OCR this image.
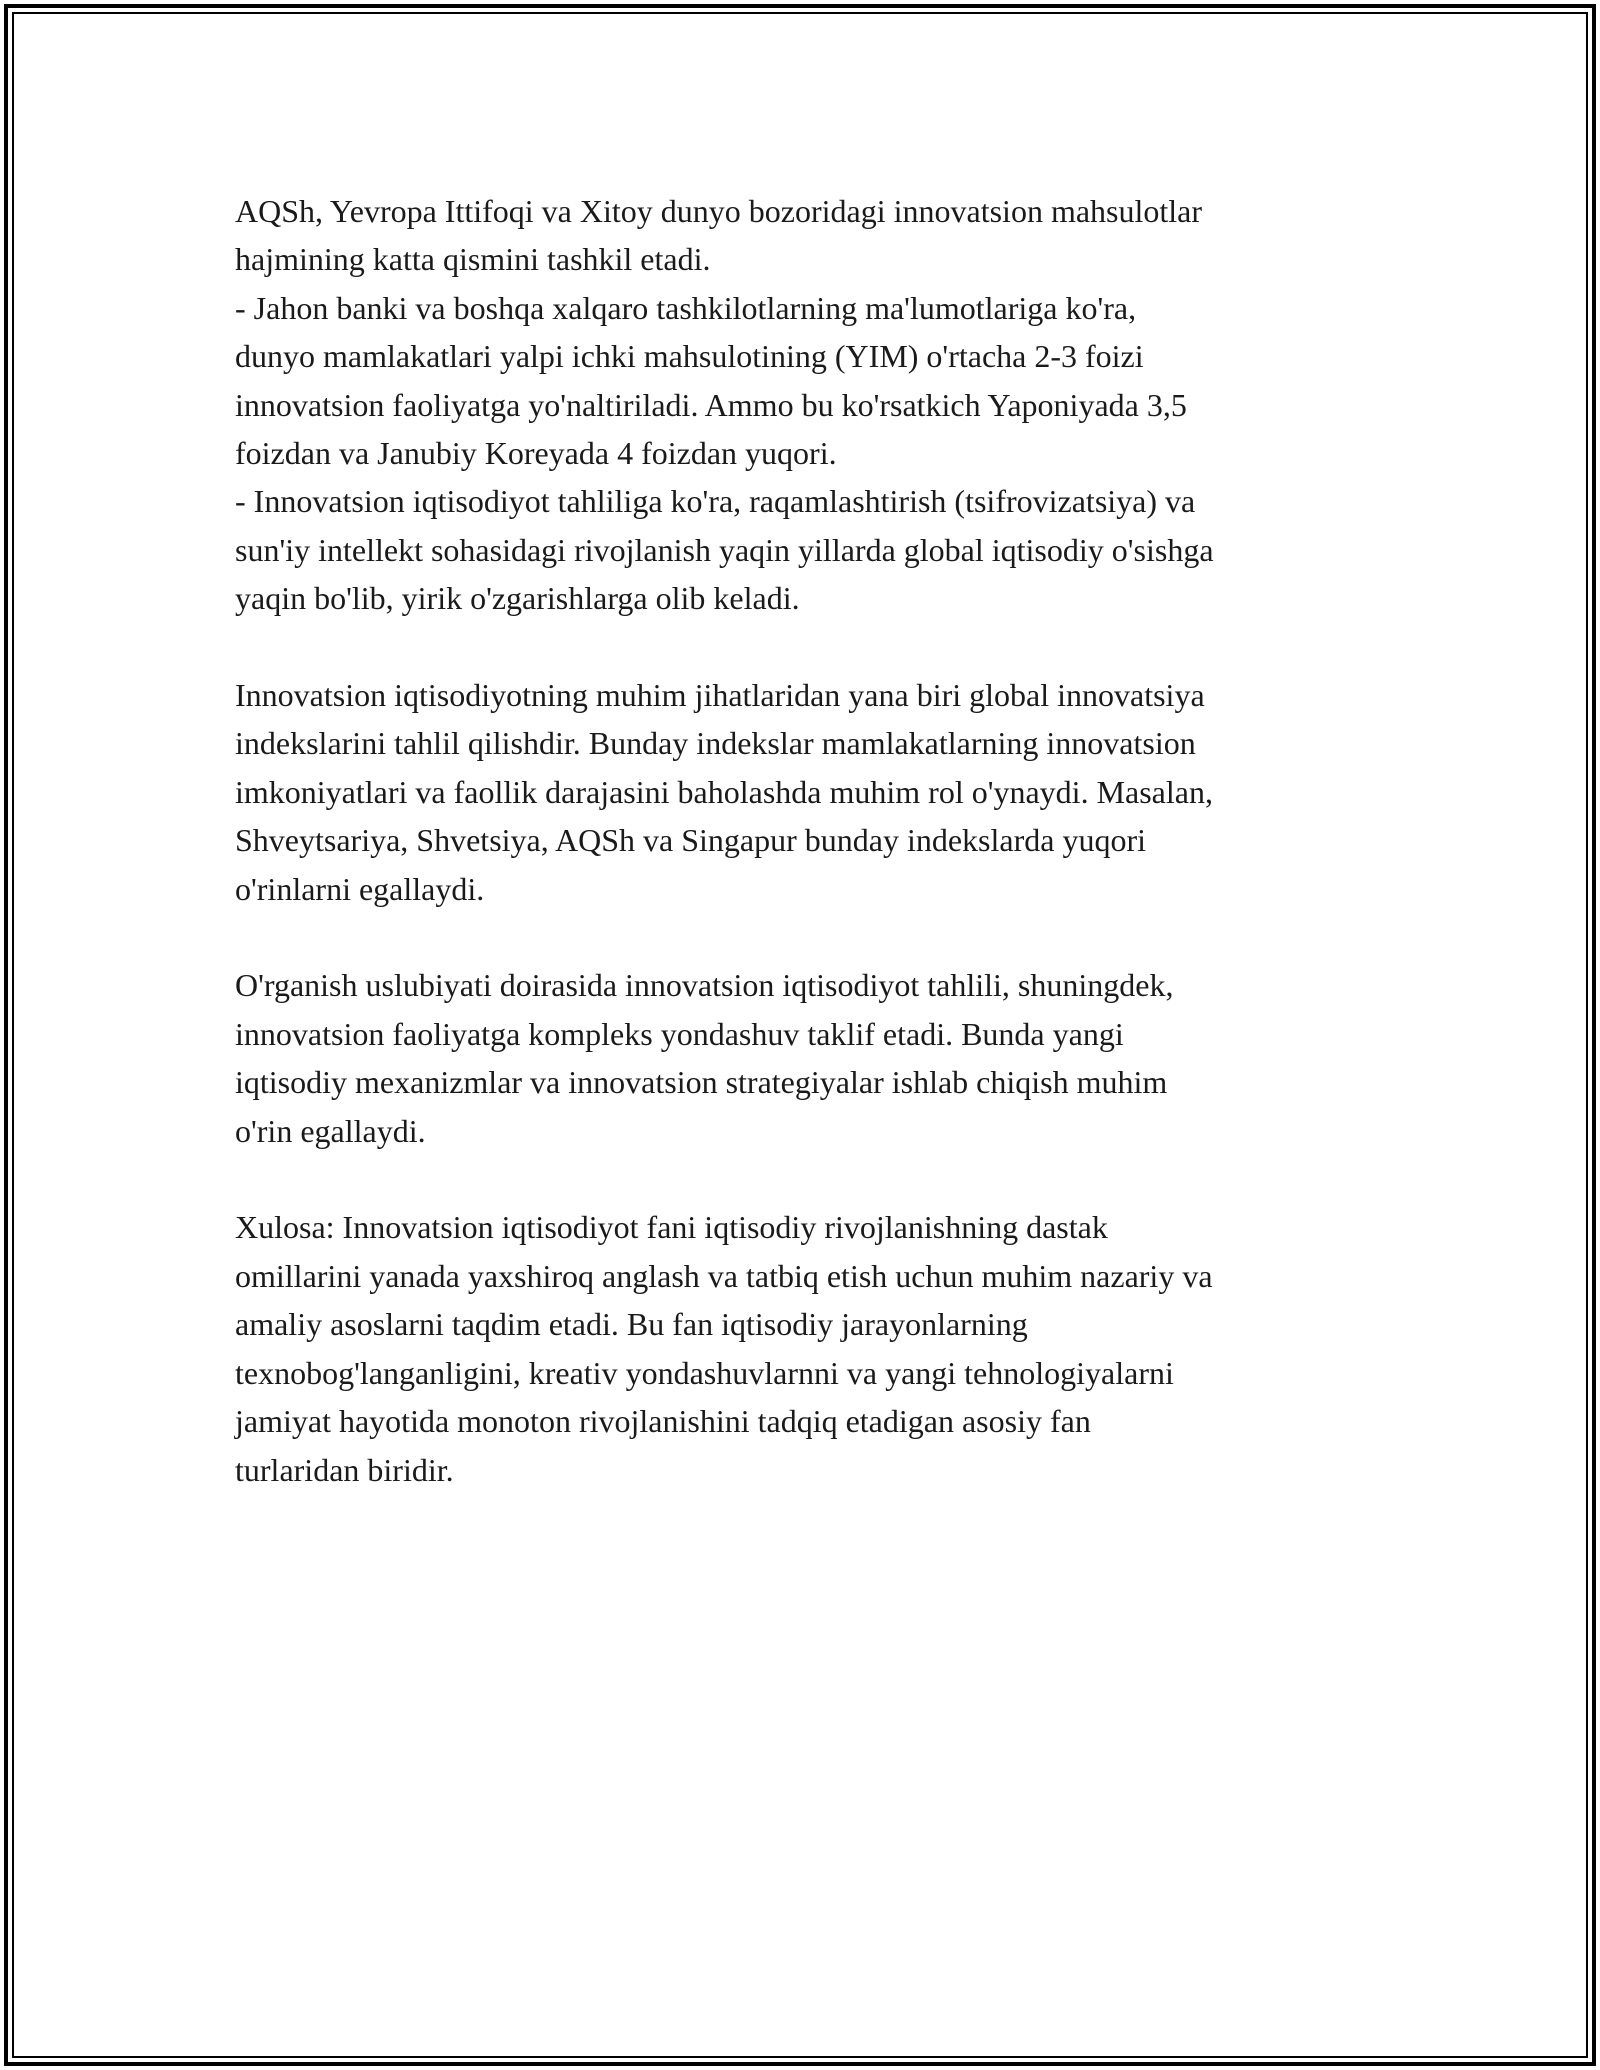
AQSh, Yevropa Ittifoqi va Xitoy dunyo bozoridagi innovatsion mahsulotlar
hajmining katta qismini tashkil etadi.
- Jahon banki va boshqa xalqaro tashkilotlarning ma'lumotlariga ko'ra,
dunyo mamlakatlari yalpi ichki mahsulotining (YIM) o'rtacha 2-3 foizi
innovatsion faoliyatga yo'naltiriladi. Ammo bu ko'rsatkich Yaponiyada 3,5
foizdan va Janubiy Koreyada 4 foizdan yuqori.
- Innovatsion iqtisodiyot tahliliga ko'ra, raqamlashtirish (tsifrovizatsiya) va
sun'iy intellekt sohasidagi rivojlanish yaqin yillarda global iqtisodiy o'sishga
yaqin bo'lib, yirik o'zgarishlarga olib keladi.
Innovatsion iqtisodiyotning muhim jihatlaridan yana biri global innovatsiya
indekslarini tahlil qilishdir. Bunday indekslar mamlakatlarning innovatsion
imkoniyatlari va faollik darajasini baholashda muhim rol o'ynaydi. Masalan,
Shveytsariya, Shvetsiya, AQSh va Singapur bunday indekslarda yuqori
o'rinlarni egallaydi.
O'rganish uslubiyati doirasida innovatsion iqtisodiyot tahlili, shuningdek,
innovatsion faoliyatga kompleks yondashuv taklif etadi. Bunda yangi
iqtisodiy mexanizmlar va innovatsion strategiyalar ishlab chiqish muhim
o'rin egallaydi.
Xulosa: Innovatsion iqtisodiyot fani iqtisodiy rivojlanishning dastak
omillarini yanada yaxshiroq anglash va tatbiq etish uchun muhim nazariy va
amaliy asoslarni taqdim etadi. Bu fan iqtisodiy jarayonlarning
texnobog'langanligini, kreativ yondashuvlarnni va yangi tehnologiyalarni
jamiyat hayotida monoton rivojlanishini tadqiq etadigan asosiy fan
turlaridan biridir.
